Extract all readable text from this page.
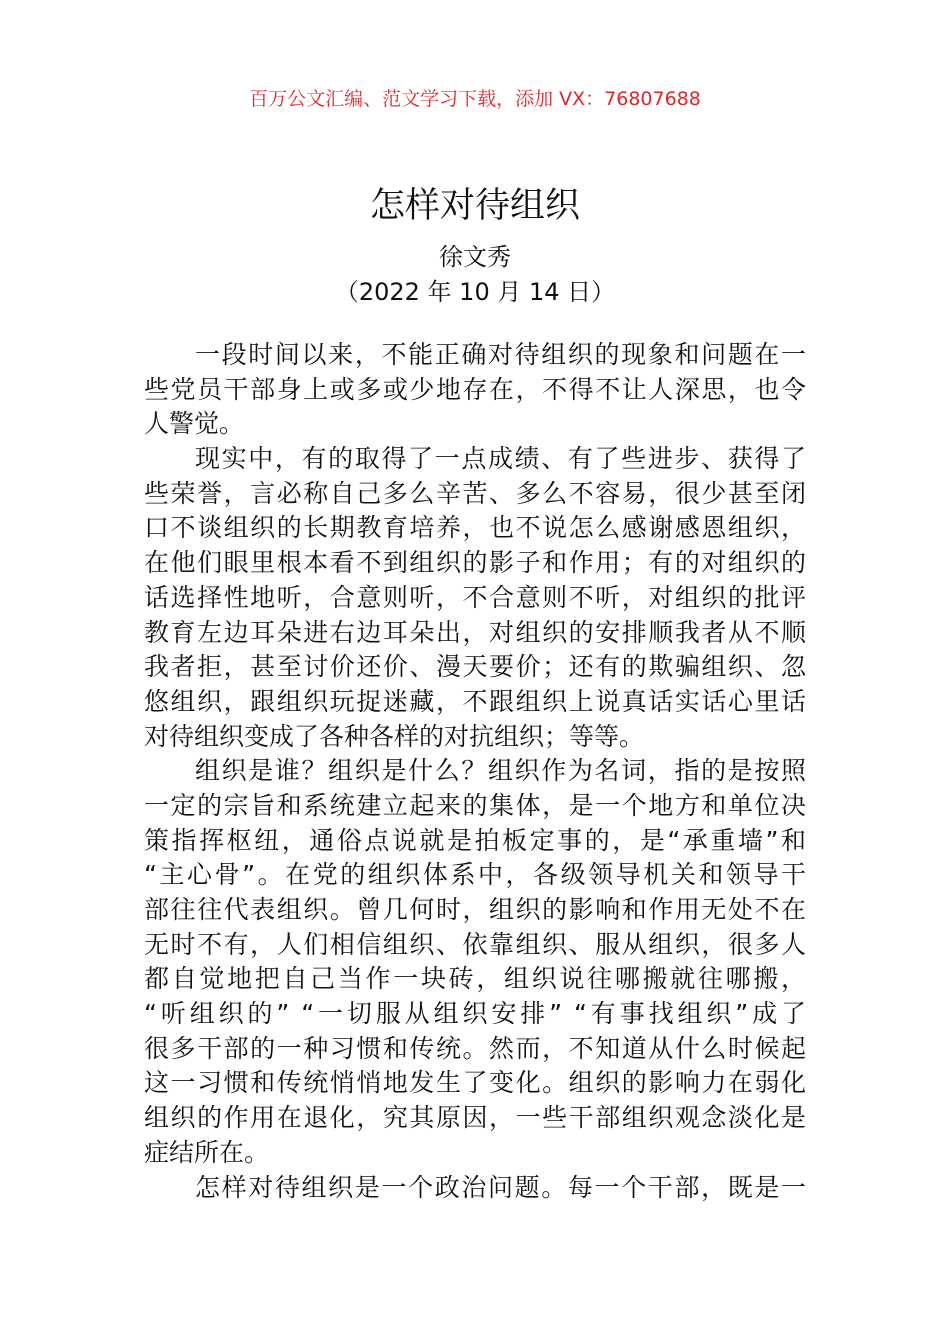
百万公文汇编、范文学习下载，添加 VX：76807688
怎样对待组织
徐文秀
（2022 年 10 月 14 日）
一段时间以来，不能正确对待组织的现象和问题在一
些党员干部身上或多或少地存在，不得不让人深思，也令
人警觉。
现实中，有的取得了一点成绩、有了些进步、获得了
些荣誉，言必称自己多么辛苦、多么不容易，很少甚至闭
口不谈组织的长期教育培养，也不说怎么感谢感恩组织，
在他们眼里根本看不到组织的影子和作用；有的对组织的
话选择性地听，合意则听，不合意则不听，对组织的批评
教育左边耳朵进右边耳朵出，对组织的安排顺我者从不顺
我者拒，甚至讨价还价、漫天要价；还有的欺骗组织、忽
悠组织，跟组织玩捉迷藏，不跟组织上说真话实话心里话
对待组织变成了各种各样的对抗组织；等等。
组织是谁？组织是什么？组织作为名词，指的是按照
一定的宗旨和系统建立起来的集体，是一个地方和单位决
策指挥枢纽，通俗点说就是拍板定事的，是“承重墙”和
“主心骨”。在党的组织体系中，各级领导机关和领导干
部往往代表组织。曾几何时，组织的影响和作用无处不在
无时不有，人们相信组织、依靠组织、服从组织，很多人
都自觉地把自己当作一块砖，组织说往哪搬就往哪搬，
“听组织的” “一切服从组织安排” “有事找组织”成了
很多干部的一种习惯和传统。然而，不知道从什么时候起
这一习惯和传统悄悄地发生了变化。组织的影响力在弱化
组织的作用在退化，究其原因，一些干部组织观念淡化是
症结所在。
怎样对待组织是一个政治问题。每一个干部，既是一
